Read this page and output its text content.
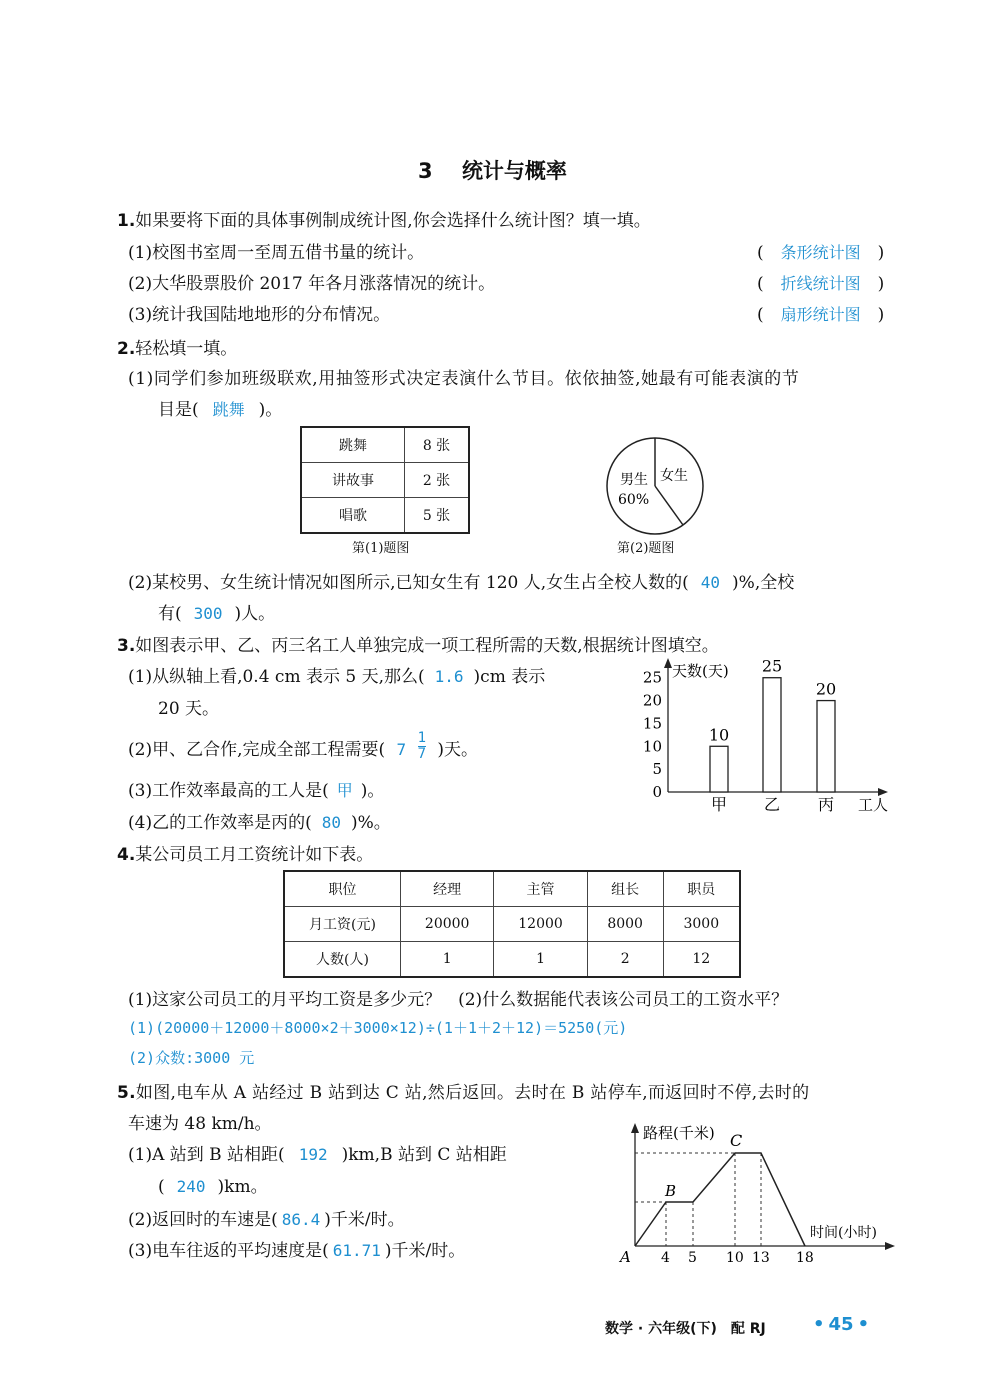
3 统计与概率
1.如果要将下面的具体事例制成统计图,你会选择什么统计图？填一填。
(1)校图书室周一至周五借书量的统计。	(　条形统计图　)
(2)大华股票股价 2017 年各月涨落情况的统计。	(　折线统计图　)
(3)统计我国陆地地形的分布情况。	(　扇形统计图　)
2.轻松填一填。
(1)同学们参加班级联欢,用抽签形式决定表演什么节目。依依抽签,她最有可能表演的节
目是( 跳舞 )。
跳舞	8 张
讲故事	2 张
唱歌	5 张
第(1)题图
男生
60%
女生
第(2)题图
(2)某校男、女生统计情况如图所示,已知女生有 120 人,女生占全校人数的( 40 )%,全校
有( 300 )人。
3.如图表示甲、乙、丙三名工人单独完成一项工程所需的天数,根据统计图填空。
(1)从纵轴上看,0.4 cm 表示 5 天,那么( 1.6 )cm 表示
20 天。
(2)甲、乙合作,完成全部工程需要( $7 \frac{1}{7}$ )天。
(3)工作效率最高的工人是( 甲 )。
(4)乙的工作效率是丙的( 80 )%。
天数(天)
工人
0
5
10
15
20
25
10
甲
25
乙
20
丙
4.某公司员工月工资统计如下表。
职位	经理	主管	组长	职员
月工资(元)	20000	12000	8000	3000
人数(人)	1	1	2	12
(1)这家公司员工的月平均工资是多少元？　(2)什么数据能代表该公司员工的工资水平？
(1)(20000＋12000＋8000×2＋3000×12)÷(1＋1＋2＋12)＝5250(元)
(2)众数:3000 元
5.如图,电车从 A 站经过 B 站到达 C 站,然后返回。去时在 B 站停车,而返回时不停,去时的
车速为 48 km/h。
(1)A 站到 B 站相距( 192 )km,B 站到 C 站相距
( 240 )km。
(2)返回时的车速是( 86.4 )千米/时。
(3)电车往返的平均速度是( 61.71 )千米/时。
路程(千米)
时间(小时)
A
B
C
4 5 10 13 18
数学 · 六年级(下)　配 RJ	• 45 •
